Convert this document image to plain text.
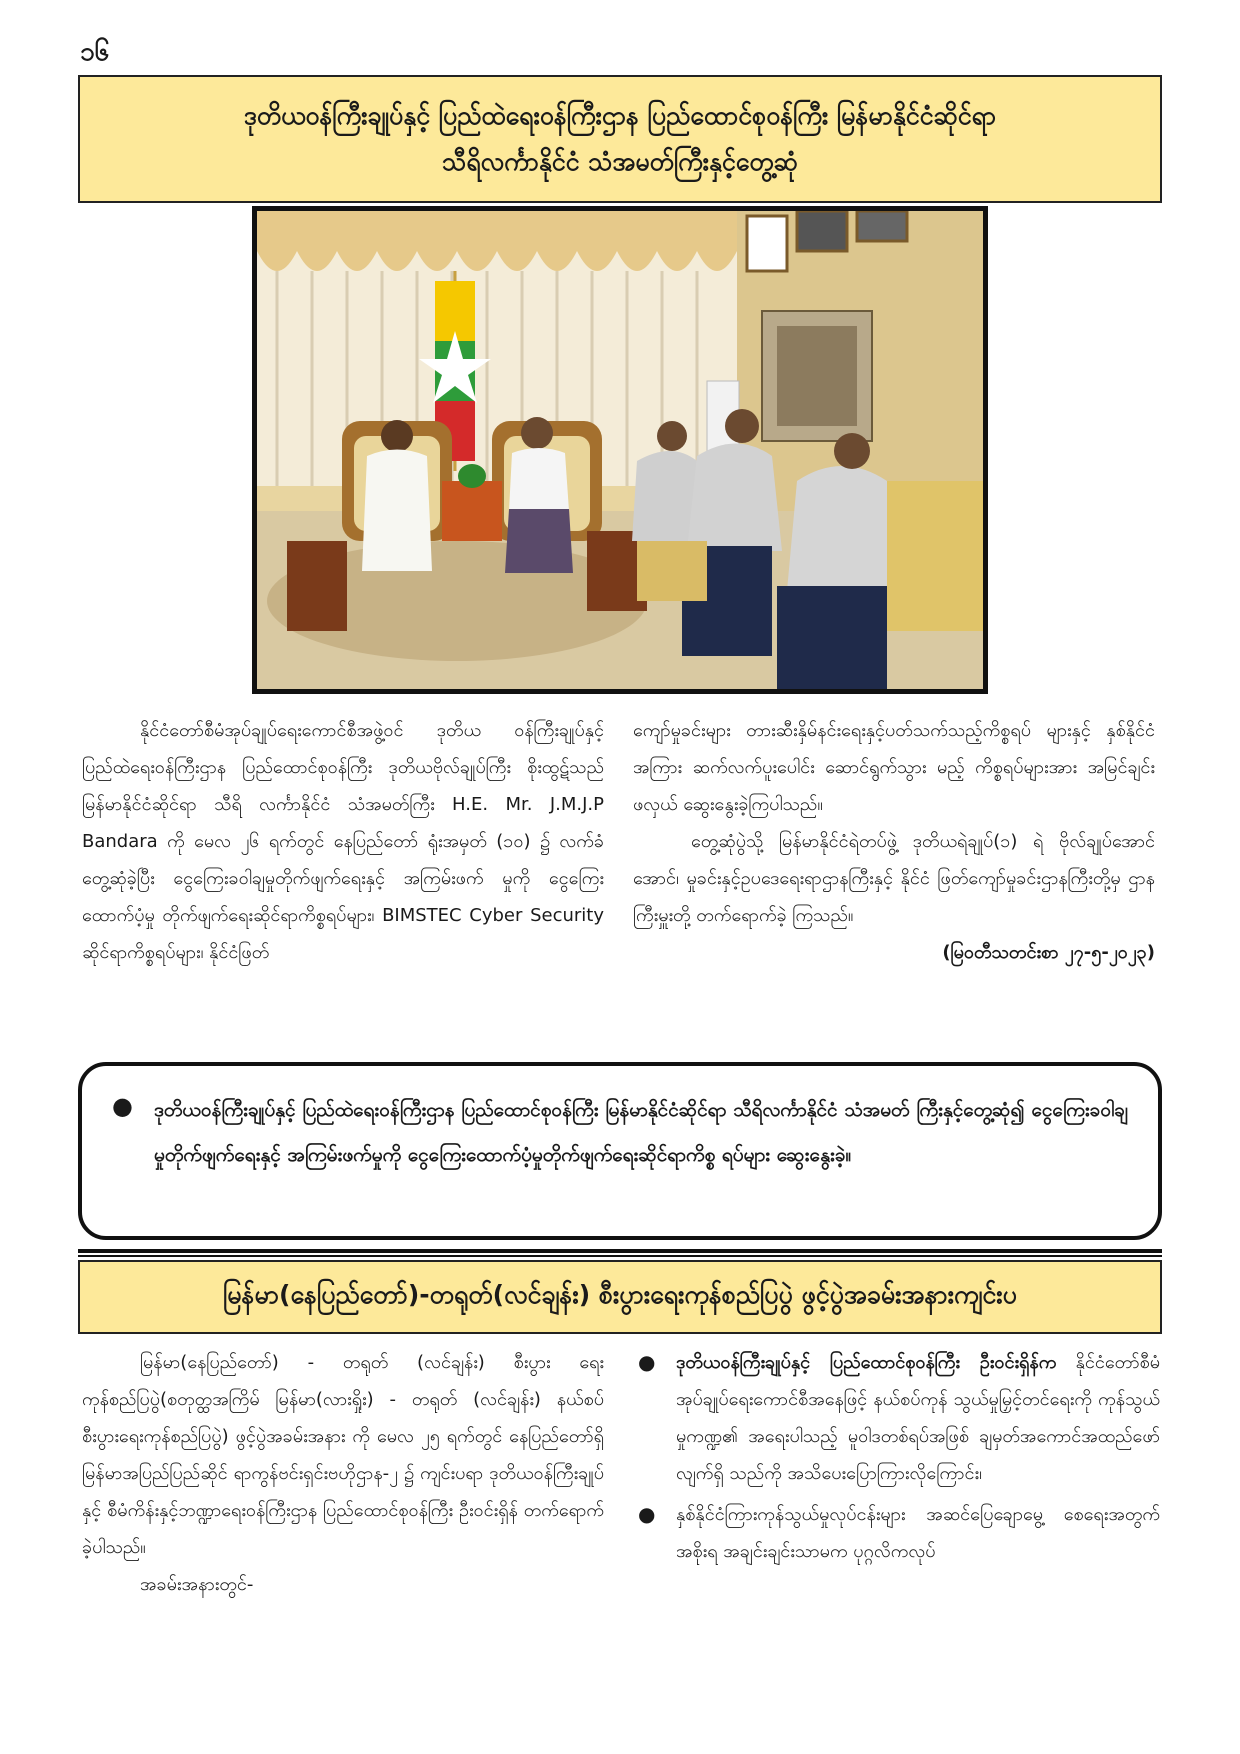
၁၆
ဒုတိယဝန်ကြီးချုပ်နှင့် ပြည်ထဲရေးဝန်ကြီးဌာန ပြည်ထောင်စုဝန်ကြီး မြန်မာနိုင်ငံဆိုင်ရာ
သီရိလင်္ကာနိုင်ငံ သံအမတ်ကြီးနှင့်တွေ့ဆုံ

နိုင်ငံတော်စီမံအုပ်ချုပ်ရေးကောင်စီအဖွဲ့ဝင် ဒုတိယ ဝန်ကြီးချုပ်နှင့် ပြည်ထဲရေးဝန်ကြီးဌာန ပြည်ထောင်စုဝန်ကြီး ဒုတိယဗိုလ်ချုပ်ကြီး စိုးထွဋ်သည် မြန်မာနိုင်ငံဆိုင်ရာ သီရိ လင်္ကာနိုင်ငံ သံအမတ်ကြီး H.E. Mr. J.M.J.P Bandara ကို မေလ ၂၆ ရက်တွင် နေပြည်တော် ရုံးအမှတ် (၁၀) ၌ လက်ခံ တွေ့ဆုံခဲ့ပြီး ငွေကြေးခဝါချမှုတိုက်ဖျက်ရေးနှင့် အကြမ်းဖက် မှုကို ငွေကြေးထောက်ပံ့မှု တိုက်ဖျက်ရေးဆိုင်ရာကိစ္စရပ်များ၊ BIMSTEC Cyber Security ဆိုင်ရာကိစ္စရပ်များ၊ နိုင်ငံဖြတ်

ကျော်မှုခင်းများ တားဆီးနှိမ်နင်းရေးနှင့်ပတ်သက်သည့်ကိစ္စရပ် များနှင့် နှစ်နိုင်ငံအကြား ဆက်လက်ပူးပေါင်း ဆောင်ရွက်သွား မည့် ကိစ္စရပ်များအား အမြင်ချင်းဖလှယ် ဆွေးနွေးခဲ့ကြပါသည်။

တွေ့ဆုံပွဲသို့ မြန်မာနိုင်ငံရဲတပ်ဖွဲ့ ဒုတိယရဲချုပ်(၁) ရဲ ဗိုလ်ချုပ်အောင်အောင်၊ မှုခင်းနှင့်ဥပဒေရေးရာဌာနကြီးနှင့် နိုင်ငံ ဖြတ်ကျော်မှုခင်းဌာနကြီးတို့မှ ဌာနကြီးမှူးတို့ တက်ရောက်ခဲ့ ကြသည်။

(မြဝတီသတင်းစာ ၂၇-၅-၂၀၂၃)
● ဒုတိယဝန်ကြီးချုပ်နှင့် ပြည်ထဲရေးဝန်ကြီးဌာန ပြည်ထောင်စုဝန်ကြီး မြန်မာနိုင်ငံဆိုင်ရာ သီရိလင်္ကာနိုင်ငံ သံအမတ် ကြီးနှင့်တွေ့ဆုံ၍ ငွေကြေးခဝါချမှုတိုက်ဖျက်ရေးနှင့် အကြမ်းဖက်မှုကို ငွေကြေးထောက်ပံ့မှုတိုက်ဖျက်ရေးဆိုင်ရာကိစ္စ ရပ်များ ဆွေးနွေးခဲ့။

မြန်မာ(နေပြည်တော်)-တရုတ်(လင်ချန်း) စီးပွားရေးကုန်စည်ပြပွဲ ဖွင့်ပွဲအခမ်းအနားကျင်းပ

မြန်မာ(နေပြည်တော်) - တရုတ် (လင်ချန်း) စီးပွား ရေးကုန်စည်ပြပွဲ(စတုတ္ထအကြိမ် မြန်မာ(လားရှိုး) - တရုတ် (လင်ချန်း) နယ်စပ်စီးပွားရေးကုန်စည်ပြပွဲ) ဖွင့်ပွဲအခမ်းအနား ကို မေလ ၂၅ ရက်တွင် နေပြည်တော်ရှိ မြန်မာအပြည်ပြည်ဆိုင် ရာကွန်ဗင်းရှင်းဗဟိုဌာန-၂ ၌ ကျင်းပရာ ဒုတိယဝန်ကြီးချုပ် နှင့် စီမံကိန်းနှင့်ဘဏ္ဍာရေးဝန်ကြီးဌာန ပြည်ထောင်စုဝန်ကြီး ဦးဝင်းရှိန် တက်ရောက်ခဲ့ပါသည်။

အခမ်းအနားတွင်-

● ဒုတိယဝန်ကြီးချုပ်နှင့် ပြည်ထောင်စုဝန်ကြီး ဦးဝင်းရှိန်က နိုင်ငံတော်စီမံအုပ်ချုပ်ရေးကောင်စီအနေဖြင့် နယ်စပ်ကုန် သွယ်မှုမြှင့်တင်ရေးကို ကုန်သွယ်မှုကဏ္ဍ၏ အရေးပါသည့် မူဝါဒတစ်ရပ်အဖြစ် ချမှတ်အကောင်အထည်ဖော်လျက်ရှိ သည်ကို အသိပေးပြောကြားလိုကြောင်း၊
● နှစ်နိုင်ငံကြားကုန်သွယ်မှုလုပ်ငန်းများ အဆင်ပြေချောမွေ့ စေရေးအတွက် အစိုးရ အချင်းချင်းသာမက ပုဂ္ဂလိကလုပ်
